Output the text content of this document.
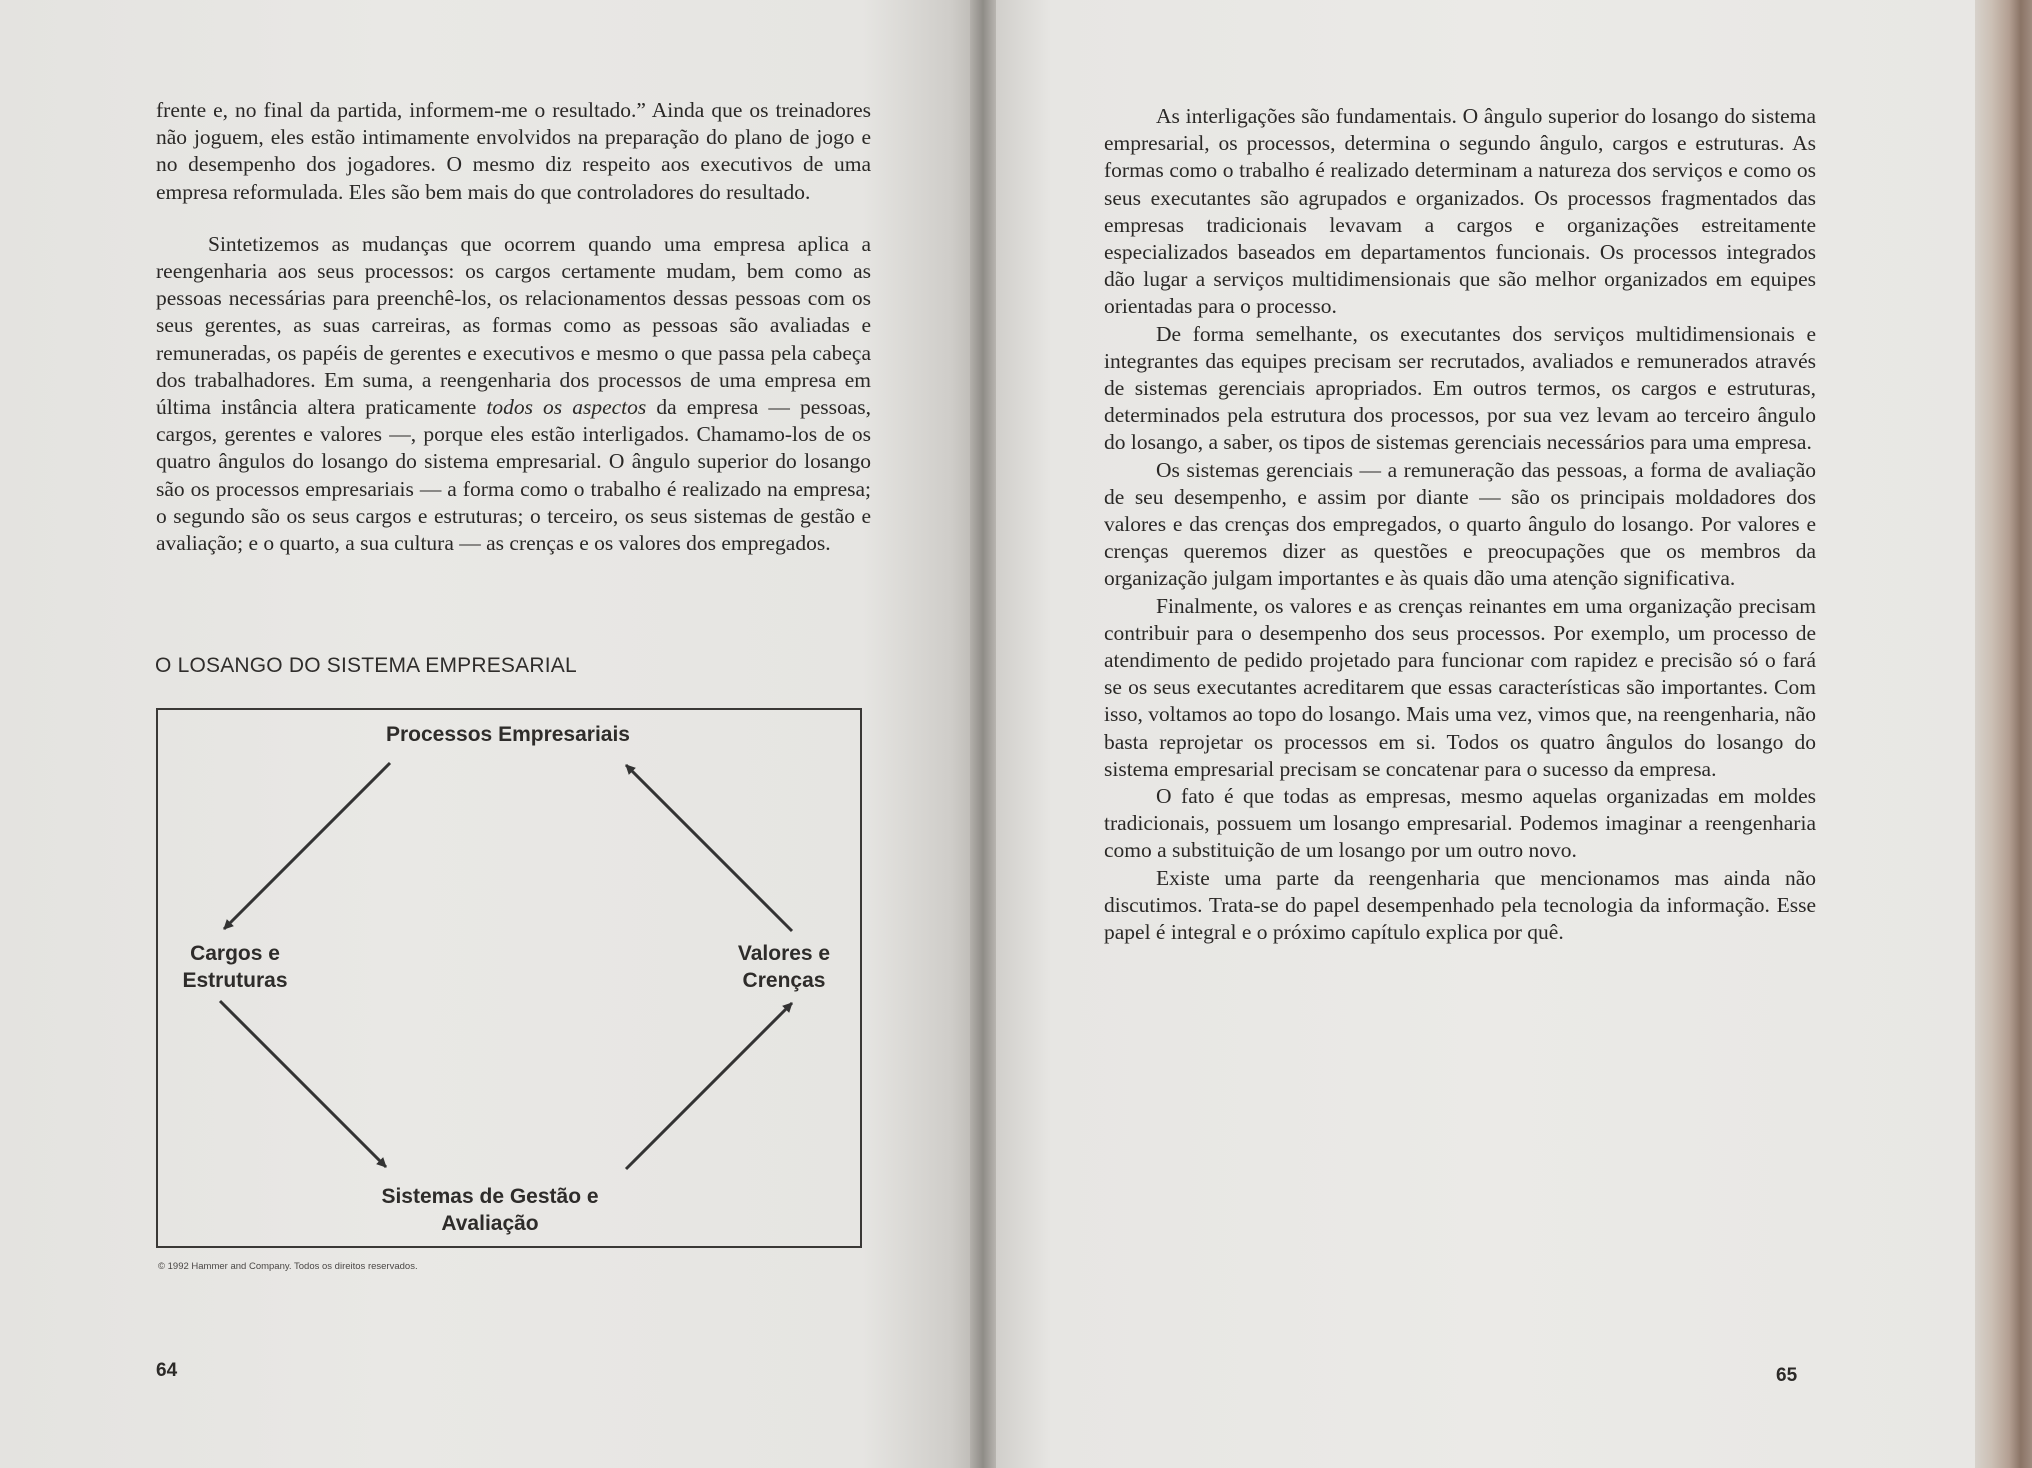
frente e, no final da partida, informem-me o resultado.” Ainda que os treinadores não joguem, eles estão intimamente envolvidos na preparação do plano de jogo e no desempenho dos jogadores. O mesmo diz respeito aos executivos de uma empresa reformulada. Eles são bem mais do que controladores do resultado.

Sintetizemos as mudanças que ocorrem quando uma empresa aplica a reengenharia aos seus processos: os cargos certamente mudam, bem como as pessoas necessárias para preenchê-los, os relacionamentos dessas pessoas com os seus gerentes, as suas carreiras, as formas como as pessoas são avaliadas e remuneradas, os papéis de gerentes e executivos e mesmo o que passa pela cabeça dos trabalhadores. Em suma, a reengenharia dos processos de uma empresa em última instância altera praticamente todos os aspectos da empresa — pessoas, cargos, gerentes e valores —, porque eles estão interligados. Chamamo-los de os quatro ângulos do losango do sistema empresarial. O ângulo superior do losango são os processos empresariais — a forma como o trabalho é realizado na empresa; o segundo são os seus cargos e estruturas; o terceiro, os seus sistemas de gestão e avaliação; e o quarto, a sua cultura — as crenças e os valores dos empregados.

O LOSANGO DO SISTEMA EMPRESARIAL
Processos Empresariais
Cargos e Estruturas
Valores e Crenças
Sistemas de Gestão e Avaliação
© 1992 Hammer and Company. Todos os direitos reservados.
64

As interligações são fundamentais. O ângulo superior do losango do sistema empresarial, os processos, determina o segundo ângulo, cargos e estruturas. As formas como o trabalho é realizado determinam a natureza dos serviços e como os seus executantes são agrupados e organizados. Os processos fragmentados das empresas tradicionais levavam a cargos e organizações estreitamente especializados baseados em departamentos funcionais. Os processos integrados dão lugar a serviços multidimensionais que são melhor organizados em equipes orientadas para o processo.

De forma semelhante, os executantes dos serviços multidimensionais e integrantes das equipes precisam ser recrutados, avaliados e remunerados através de sistemas gerenciais apropriados. Em outros termos, os cargos e estruturas, determinados pela estrutura dos processos, por sua vez levam ao terceiro ângulo do losango, a saber, os tipos de sistemas gerenciais necessários para uma empresa.

Os sistemas gerenciais — a remuneração das pessoas, a forma de avaliação de seu desempenho, e assim por diante — são os principais moldadores dos valores e das crenças dos empregados, o quarto ângulo do losango. Por valores e crenças queremos dizer as questões e preocupações que os membros da organização julgam importantes e às quais dão uma atenção significativa.

Finalmente, os valores e as crenças reinantes em uma organização precisam contribuir para o desempenho dos seus processos. Por exemplo, um processo de atendimento de pedido projetado para funcionar com rapidez e precisão só o fará se os seus executantes acreditarem que essas características são importantes. Com isso, voltamos ao topo do losango. Mais uma vez, vimos que, na reengenharia, não basta reprojetar os processos em si. Todos os quatro ângulos do losango do sistema empresarial precisam se concatenar para o sucesso da empresa.

O fato é que todas as empresas, mesmo aquelas organizadas em moldes tradicionais, possuem um losango empresarial. Podemos imaginar a reengenharia como a substituição de um losango por um outro novo.

Existe uma parte da reengenharia que mencionamos mas ainda não discutimos. Trata-se do papel desempenhado pela tecnologia da informação. Esse papel é integral e o próximo capítulo explica por quê.

65
